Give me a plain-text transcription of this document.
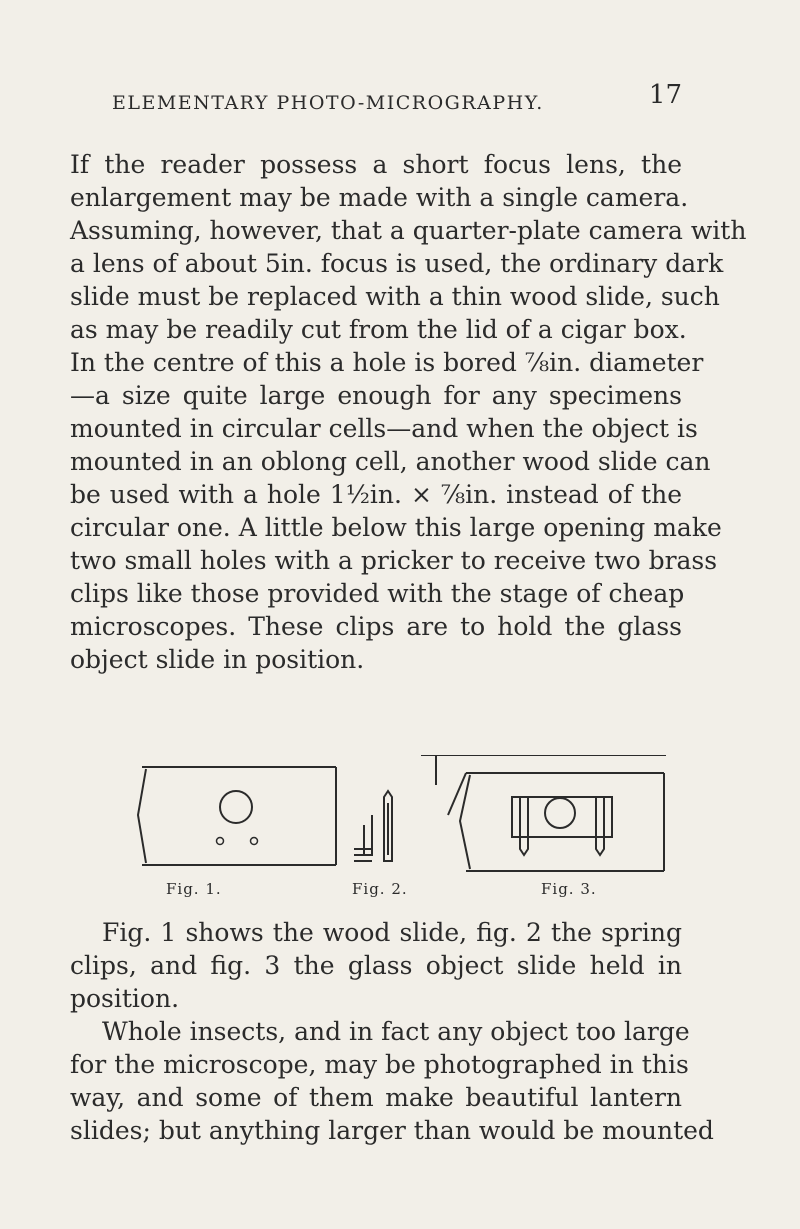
ELEMENTARY PHOTO-MICROGRAPHY.	17
If the reader possess a short focus lens, the
enlargement may be made with a single camera.
Assuming, however, that a quarter-plate camera with
a lens of about 5in. focus is used, the ordinary dark
slide must be replaced with a thin wood slide, such
as may be readily cut from the lid of a cigar box.
In the centre of this a hole is bored ⅞in. diameter
—a size quite large enough for any specimens
mounted in circular cells—and when the object is
mounted in an oblong cell, another wood slide can
be used with a hole 1½in. × ⅞in. instead of the
circular one. A little below this large opening make
two small holes with a pricker to receive two brass
clips like those provided with the stage of cheap
microscopes. These clips are to hold the glass
object slide in position.
Fig. 1.	Fig. 2.	Fig. 3.
Fig. 1 shows the wood slide, fig. 2 the spring
clips, and fig. 3 the glass object slide held in
position.
Whole insects, and in fact any object too large
for the microscope, may be photographed in this
way, and some of them make beautiful lantern
slides; but anything larger than would be mounted
